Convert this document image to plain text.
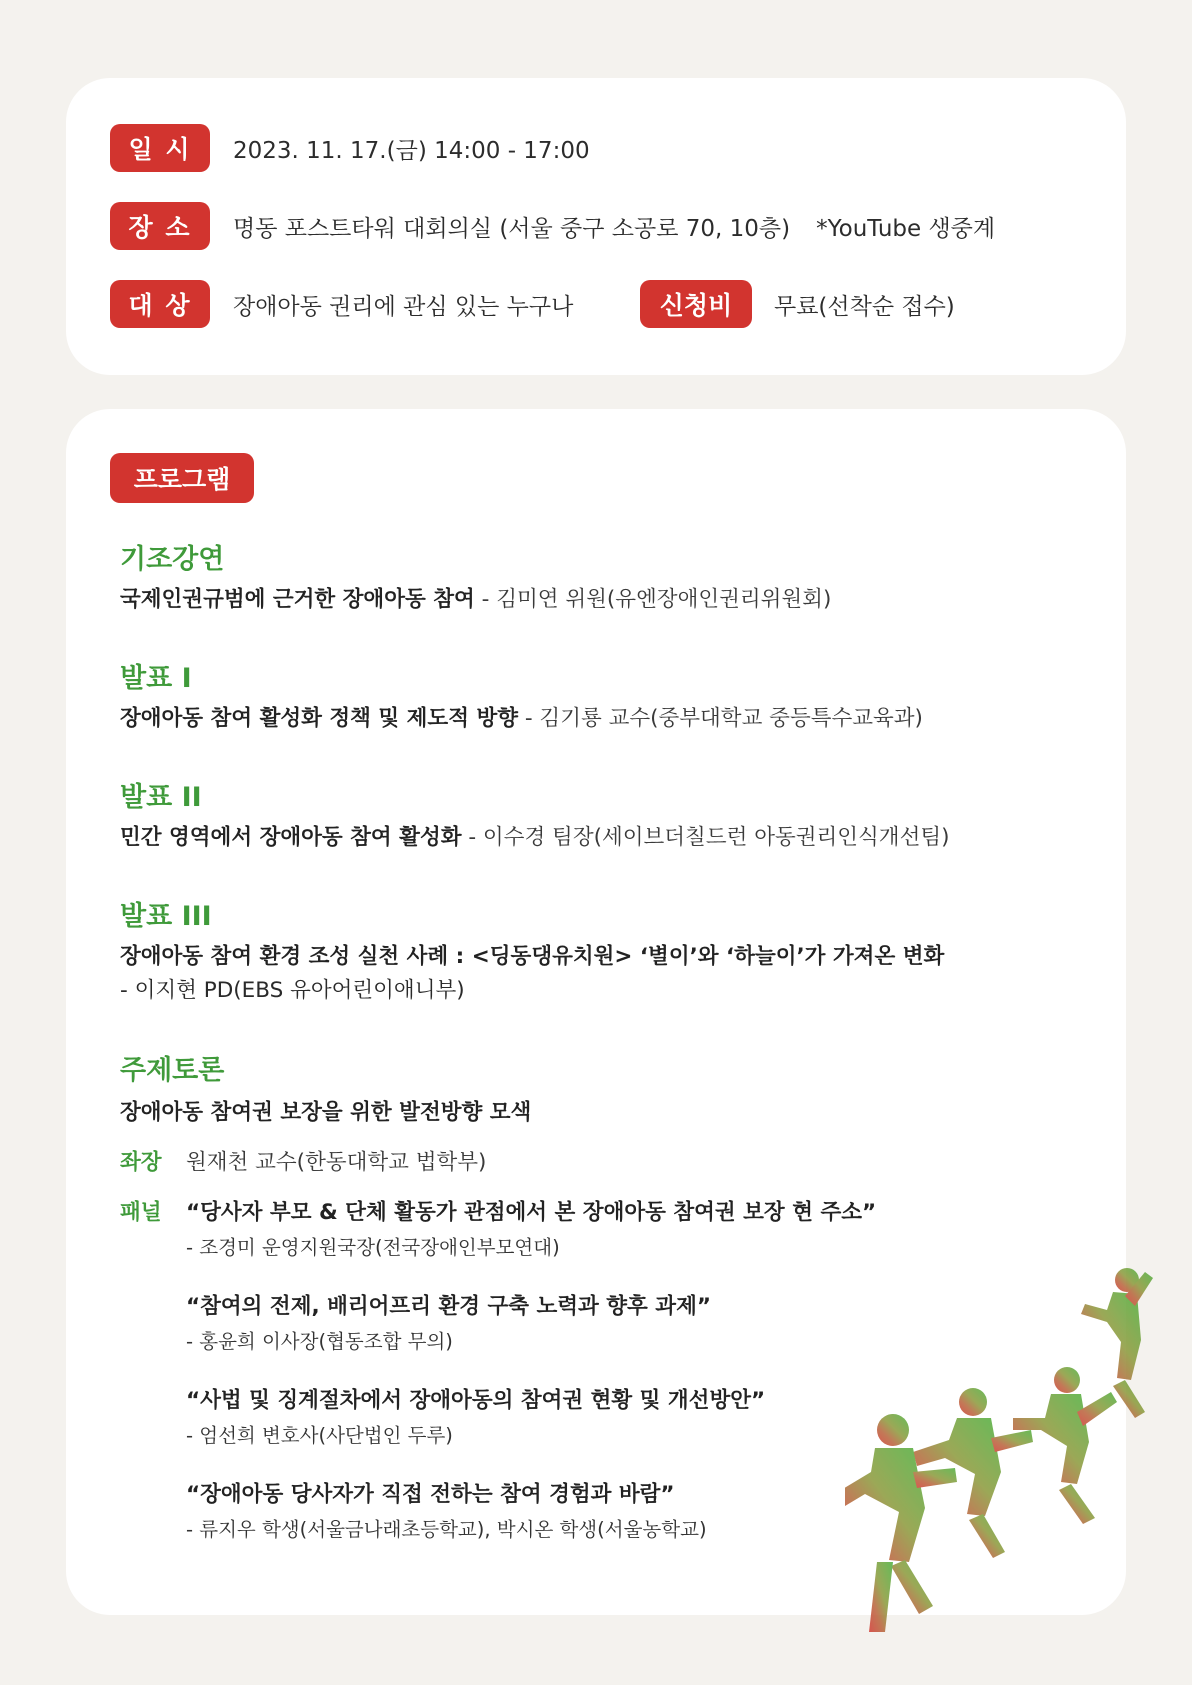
일 시	2023. 11. 17.(금) 14:00 - 17:00
장 소	명동 포스트타워 대회의실 (서울 중구 소공로 70, 10층) *YouTube 생중계
대 상	장애아동 권리에 관심 있는 누구나	신청비	무료(선착순 접수)
프로그램
기조강연
국제인권규범에 근거한 장애아동 참여 - 김미연 위원(유엔장애인권리위원회)
발표 I
장애아동 참여 활성화 정책 및 제도적 방향 - 김기룡 교수(중부대학교 중등특수교육과)
발표 II
민간 영역에서 장애아동 참여 활성화 - 이수경 팀장(세이브더칠드런 아동권리인식개선팀)
발표 III
장애아동 참여 환경 조성 실천 사례 : <딩동댕유치원> ‘별이’와 ‘하늘이’가 가져온 변화
- 이지현 PD(EBS 유아어린이애니부)
주제토론
장애아동 참여권 보장을 위한 발전방향 모색
좌장 원재천 교수(한동대학교 법학부)
패널	“당사자 부모 & 단체 활동가 관점에서 본 장애아동 참여권 보장 현 주소”
- 조경미 운영지원국장(전국장애인부모연대)
“참여의 전제, 배리어프리 환경 구축 노력과 향후 과제”
- 홍윤희 이사장(협동조합 무의)
“사법 및 징계절차에서 장애아동의 참여권 현황 및 개선방안”
- 엄선희 변호사(사단법인 두루)
“장애아동 당사자가 직접 전하는 참여 경험과 바람”
- 류지우 학생(서울금나래초등학교), 박시온 학생(서울농학교)
